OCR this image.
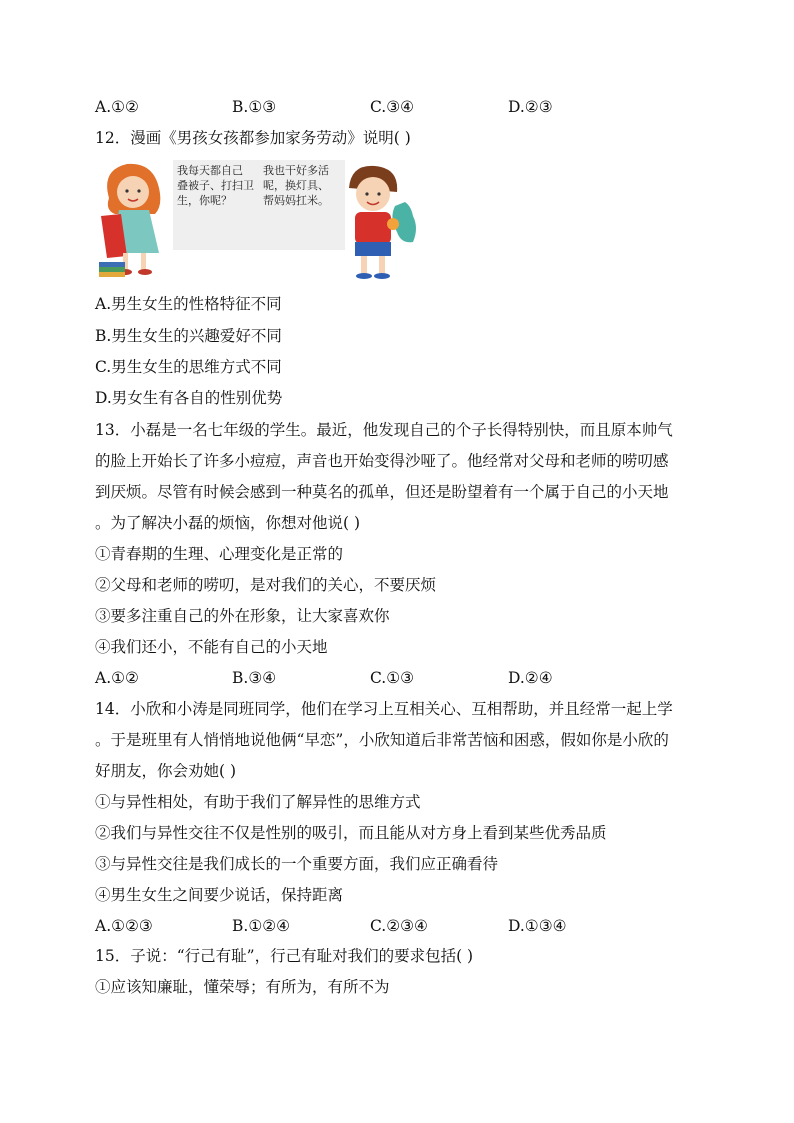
A.①②	B.①③	C.③④	D.②③
12．漫画《男孩女孩都参加家务劳动》说明( )
我每天都自己
叠被子、打扫卫
生，你呢？
我也干好多活
呢，换灯具、
帮妈妈扛米。
A.男生女生的性格特征不同
B.男生女生的兴趣爱好不同
C.男生女生的思维方式不同
D.男女生有各自的性别优势
13．小磊是一名七年级的学生。最近，他发现自己的个子长得特别快，而且原本帅气
的脸上开始长了许多小痘痘，声音也开始变得沙哑了。他经常对父母和老师的唠叨感
到厌烦。尽管有时候会感到一种莫名的孤单，但还是盼望着有一个属于自己的小天地
。为了解决小磊的烦恼，你想对他说( )
①青春期的生理、心理变化是正常的
②父母和老师的唠叨，是对我们的关心，不要厌烦
③要多注重自己的外在形象，让大家喜欢你
④我们还小，不能有自己的小天地
A.①②	B.③④	C.①③	D.②④
14．小欣和小涛是同班同学，他们在学习上互相关心、互相帮助，并且经常一起上学
。于是班里有人悄悄地说他俩“早恋”，小欣知道后非常苦恼和困惑，假如你是小欣的
好朋友，你会劝她( )
①与异性相处，有助于我们了解异性的思维方式
②我们与异性交往不仅是性别的吸引，而且能从对方身上看到某些优秀品质
③与异性交往是我们成长的一个重要方面，我们应正确看待
④男生女生之间要少说话，保持距离
A.①②③	B.①②④	C.②③④	D.①③④
15．子说：“行己有耻”，行己有耻对我们的要求包括( )
①应该知廉耻，懂荣辱；有所为，有所不为
